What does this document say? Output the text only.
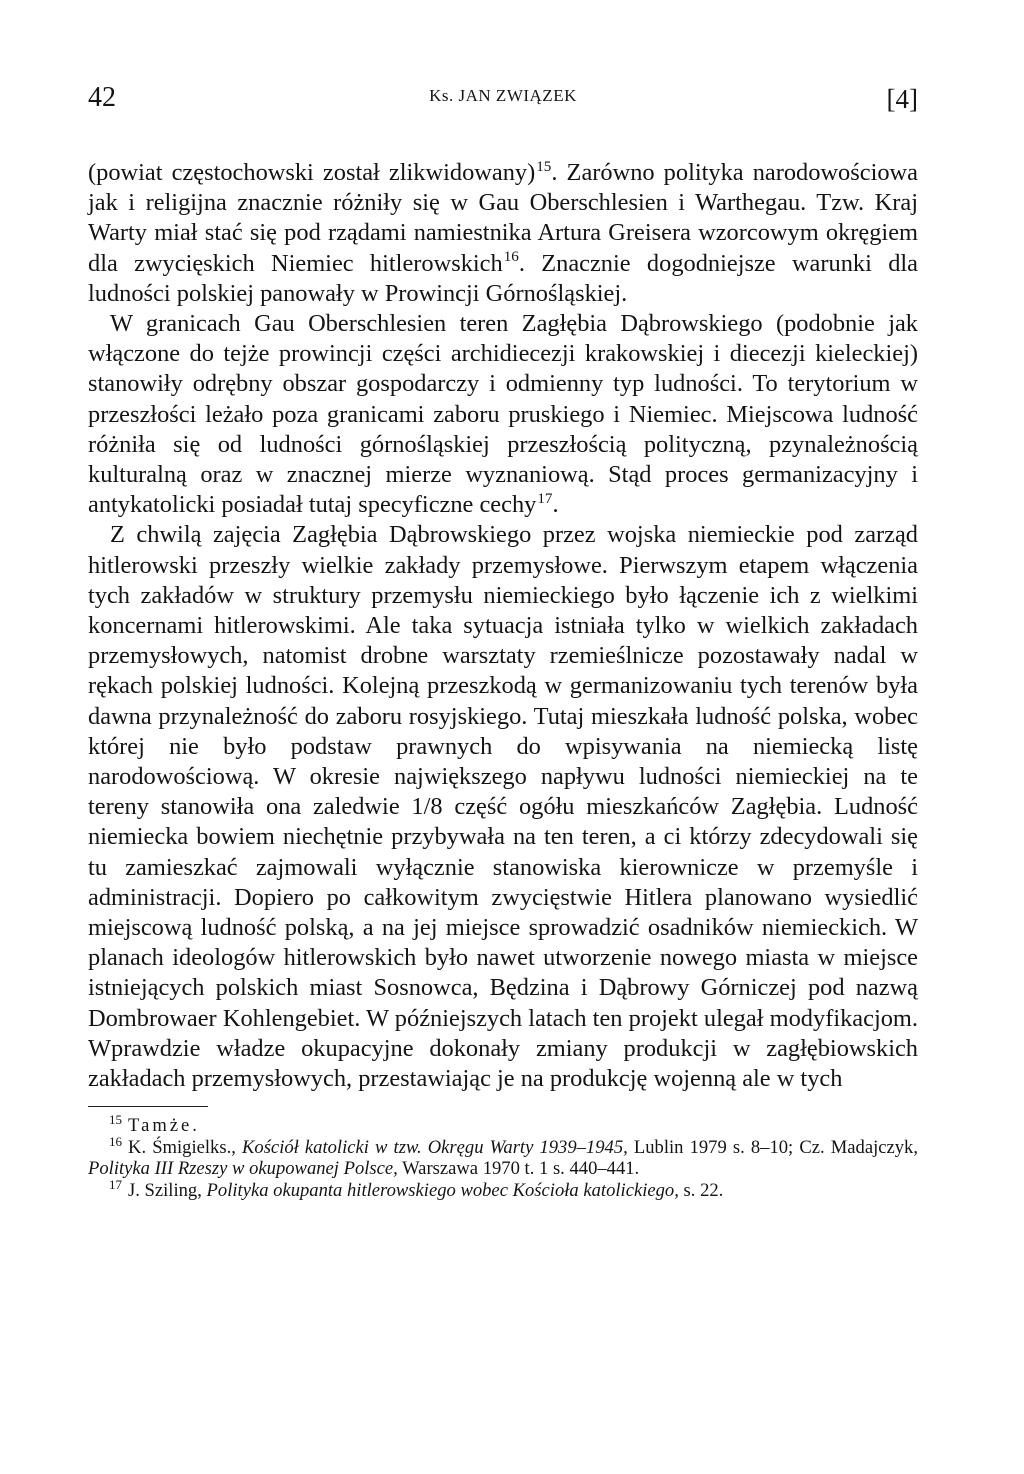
42	Ks. JAN ZWIĄZEK	[4]

(powiat częstochowski został zlikwidowany)$^{15}$. Zarówno polityka narodowościowa jak i religijna znacznie różniły się w Gau Oberschlesien i Warthegau. Tzw. Kraj Warty miał stać się pod rządami namiestnika Artura Greisera wzorcowym okręgiem dla zwycięskich Niemiec hitlerowskich$^{16}$. Znacznie dogodniejsze warunki dla ludności polskiej panowały w Prowincji Górnośląskiej.

W granicach Gau Oberschlesien teren Zagłębia Dąbrowskiego (podobnie jak włączone do tejże prowincji części archidiecezji krakowskiej i diecezji kieleckiej) stanowiły odrębny obszar gospodarczy i odmienny typ ludności. To terytorium w przeszłości leżało poza granicami zaboru pruskiego i Niemiec. Miejscowa ludność różniła się od ludności górnośląskiej przeszłością polityczną, pzynależnością kulturalną oraz w znacznej mierze wyznaniową. Stąd proces germanizacyjny i antykatolicki posiadał tutaj specyficzne cechy$^{17}$.

Z chwilą zajęcia Zagłębia Dąbrowskiego przez wojska niemieckie pod zarząd hitlerowski przeszły wielkie zakłady przemysłowe. Pierwszym etapem włączenia tych zakładów w struktury przemysłu niemieckiego było łączenie ich z wielkimi koncernami hitlerowskimi. Ale taka sytuacja istniała tylko w wielkich zakładach przemysłowych, natomist drobne warsztaty rzemieślnicze pozostawały nadal w rękach polskiej ludności. Kolejną przeszkodą w germanizowaniu tych terenów była dawna przynależność do zaboru rosyjskiego. Tutaj mieszkała ludność polska, wobec której nie było podstaw prawnych do wpisywania na niemiecką listę narodowościową. W okresie największego napływu ludności niemieckiej na te tereny stanowiła ona zaledwie 1/8 część ogółu mieszkańców Zagłębia. Ludność niemiecka bowiem niechętnie przybywała na ten teren, a ci którzy zdecydowali się tu zamieszkać zajmowali wyłącznie stanowiska kierownicze w przemyśle i administracji. Dopiero po całkowitym zwycięstwie Hitlera planowano wysiedlić miejscową ludność polską, a na jej miejsce sprowadzić osadników niemieckich. W planach ideologów hitlerowskich było nawet utworzenie nowego miasta w miejsce istniejących polskich miast Sosnowca, Będzina i Dąbrowy Górniczej pod nazwą Dombrowaer Kohlengebiet. W późniejszych latach ten projekt ulegał modyfikacjom. Wprawdzie władze okupacyjne dokonały zmiany produkcji w zagłębiowskich zakładach przemysłowych, przestawiając je na produkcję wojenną ale w tych

$^{15}$ Tamże.

$^{16}$ K. Śmigielks., Kościół katolicki w tzw. Okręgu Warty 1939–1945, Lublin 1979 s. 8–10; Cz. Madajczyk, Polityka III Rzeszy w okupowanej Polsce, Warszawa 1970 t. 1 s. 440–441.

$^{17}$ J. Sziling, Polityka okupanta hitlerowskiego wobec Kościoła katolickiego, s. 22.
